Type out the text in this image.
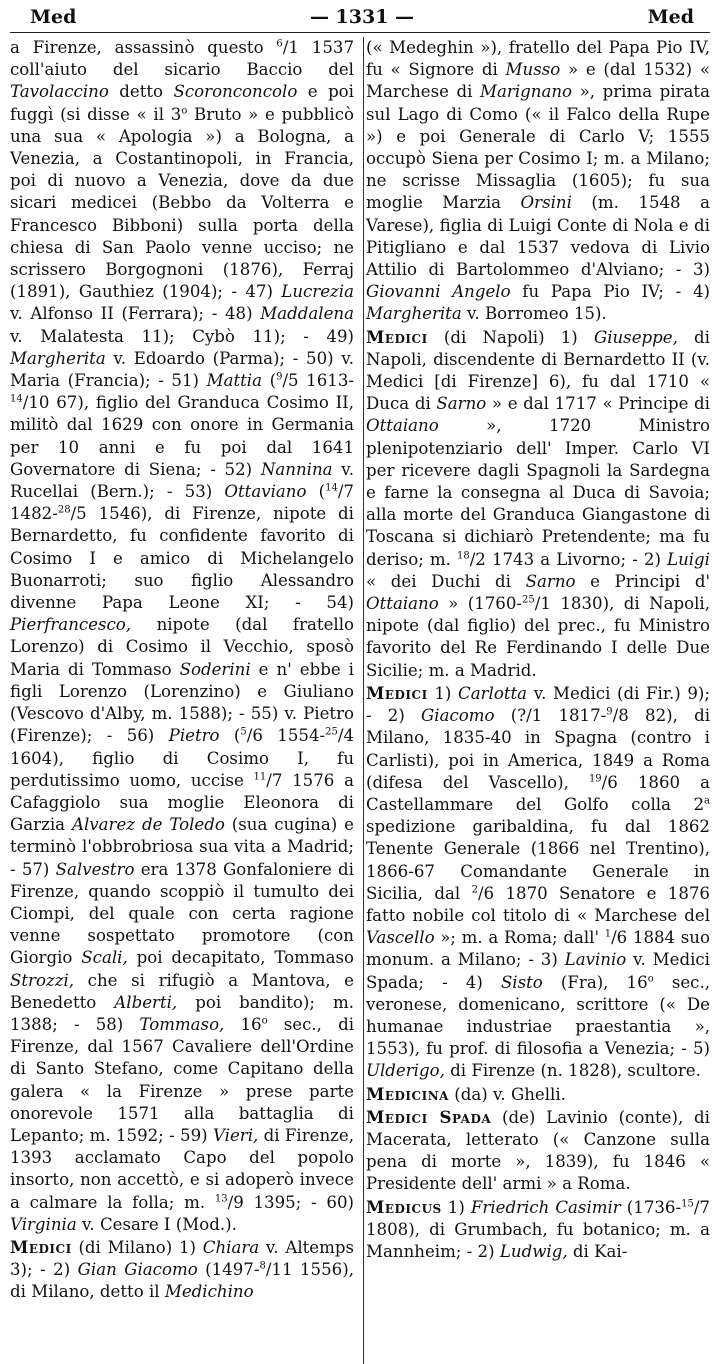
Med	— 1331 —	Med

a Firenze, assassinò questo $^6$/1 1537 coll'aiuto del sicario Baccio del Tavolaccino detto Scoronconcolo e poi fuggì (si disse « il 3$^o$ Bruto » e pubblicò una sua « Apologia ») a Bologna, a Venezia, a Costantinopoli, in Francia, poi di nuovo a Venezia, dove da due sicari medicei (Bebbo da Volterra e Francesco Bibboni) sulla porta della chiesa di San Paolo venne ucciso; ne scrissero Borgognoni (1876), Ferraj (1891), Gauthiez (1904); - 47) Lucrezia v. Alfonso II (Ferrara); - 48) Maddalena v. Malatesta 11); Cybò 11); - 49) Margherita v. Edoardo (Parma); - 50) v. Maria (Francia); - 51) Mattia ($^9$/5 1613-$^{14}$/10 67), figlio del Granduca Cosimo II, militò dal 1629 con onore in Germania per 10 anni e fu poi dal 1641 Governatore di Siena; - 52) Nannina v. Rucellai (Bern.); - 53) Ottaviano ($^{14}$/7 1482-$^{28}$/5 1546), di Firenze, nipote di Bernardetto, fu confidente favorito di Cosimo I e amico di Michelangelo Buonarroti; suo figlio Alessandro divenne Papa Leone XI; - 54) Pierfrancesco, nipote (dal fratello Lorenzo) di Cosimo il Vecchio, sposò Maria di Tommaso Soderini e n' ebbe i figli Lorenzo (Lorenzino) e Giuliano (Vescovo d'Alby, m. 1588); - 55) v. Pietro (Firenze); - 56) Pietro ($^5$/6 1554-$^{25}$/4 1604), figlio di Cosimo I, fu perdutissimo uomo, uccise $^{11}$/7 1576 a Cafaggiolo sua moglie Eleonora di Garzia Alvarez de Toledo (sua cugina) e terminò l'obbrobriosa sua vita a Madrid; - 57) Salvestro era 1378 Gonfaloniere di Firenze, quando scoppiò il tumulto dei Ciompi, del quale con certa ragione venne sospettato promotore (con Giorgio Scali, poi decapitato, Tommaso Strozzi, che si rifugiò a Mantova, e Benedetto Alberti, poi bandito); m. 1388; - 58) Tommaso, 16$^o$ sec., di Firenze, dal 1567 Cavaliere dell'Ordine di Santo Stefano, come Capitano della galera « la Firenze » prese parte onorevole 1571 alla battaglia di Lepanto; m. 1592; - 59) Vieri, di Firenze, 1393 acclamato Capo del popolo insorto, non accettò, e si adoperò invece a calmare la folla; m. $^{13}$/9 1395; - 60) Virginia v. Cesare I (Mod.).

Medici (di Milano) 1) Chiara v. Altemps 3); - 2) Gian Giacomo (1497-$^8$/11 1556), di Milano, detto il Medichino

(« Medeghin »), fratello del Papa Pio IV, fu « Signore di Musso » e (dal 1532) « Marchese di Marignano », prima pirata sul Lago di Como (« il Falco della Rupe ») e poi Generale di Carlo V; 1555 occupò Siena per Cosimo I; m. a Milano; ne scrisse Missaglia (1605); fu sua moglie Marzia Orsini (m. 1548 a Varese), figlia di Luigi Conte di Nola e di Pitigliano e dal 1537 vedova di Livio Attilio di Bartolommeo d'Alviano; - 3) Giovanni Angelo fu Papa Pio IV; - 4) Margherita v. Borromeo 15).

Medici (di Napoli) 1) Giuseppe, di Napoli, discendente di Bernardetto II (v. Medici [di Firenze] 6), fu dal 1710 « Duca di Sarno » e dal 1717 « Principe di Ottaiano », 1720 Ministro plenipotenziario dell' Imper. Carlo VI per ricevere dagli Spagnoli la Sardegna e farne la consegna al Duca di Savoia; alla morte del Granduca Giangastone di Toscana si dichiarò Pretendente; ma fu deriso; m. $^{18}$/2 1743 a Livorno; - 2) Luigi « dei Duchi di Sarno e Principi d' Ottaiano » (1760-$^{25}$/1 1830), di Napoli, nipote (dal figlio) del prec., fu Ministro favorito del Re Ferdinando I delle Due Sicilie; m. a Madrid.

Medici 1) Carlotta v. Medici (di Fir.) 9); - 2) Giacomo (?/1 1817-$^9$/8 82), di Milano, 1835-40 in Spagna (contro i Carlisti), poi in America, 1849 a Roma (difesa del Vascello), $^{19}$/6 1860 a Castellammare del Golfo colla 2$^a$ spedizione garibaldina, fu dal 1862 Tenente Generale (1866 nel Trentino), 1866-67 Comandante Generale in Sicilia, dal $^2$/6 1870 Senatore e 1876 fatto nobile col titolo di « Marchese del Vascello »; m. a Roma; dall' $^1$/6 1884 suo monum. a Milano; - 3) Lavinio v. Medici Spada; - 4) Sisto (Fra), 16$^o$ sec., veronese, domenicano, scrittore (« De humanae industriae praestantia », 1553), fu prof. di filosofia a Venezia; - 5) Ulderigo, di Firenze (n. 1828), scultore.

Medicina (da) v. Ghelli.

Medici Spada (de) Lavinio (conte), di Macerata, letterato (« Canzone sulla pena di morte », 1839), fu 1846 « Presidente dell' armi » a Roma.

Medicus 1) Friedrich Casimir (1736-$^{15}$/7 1808), di Grumbach, fu botanico; m. a Mannheim; - 2) Ludwig, di Kai-
